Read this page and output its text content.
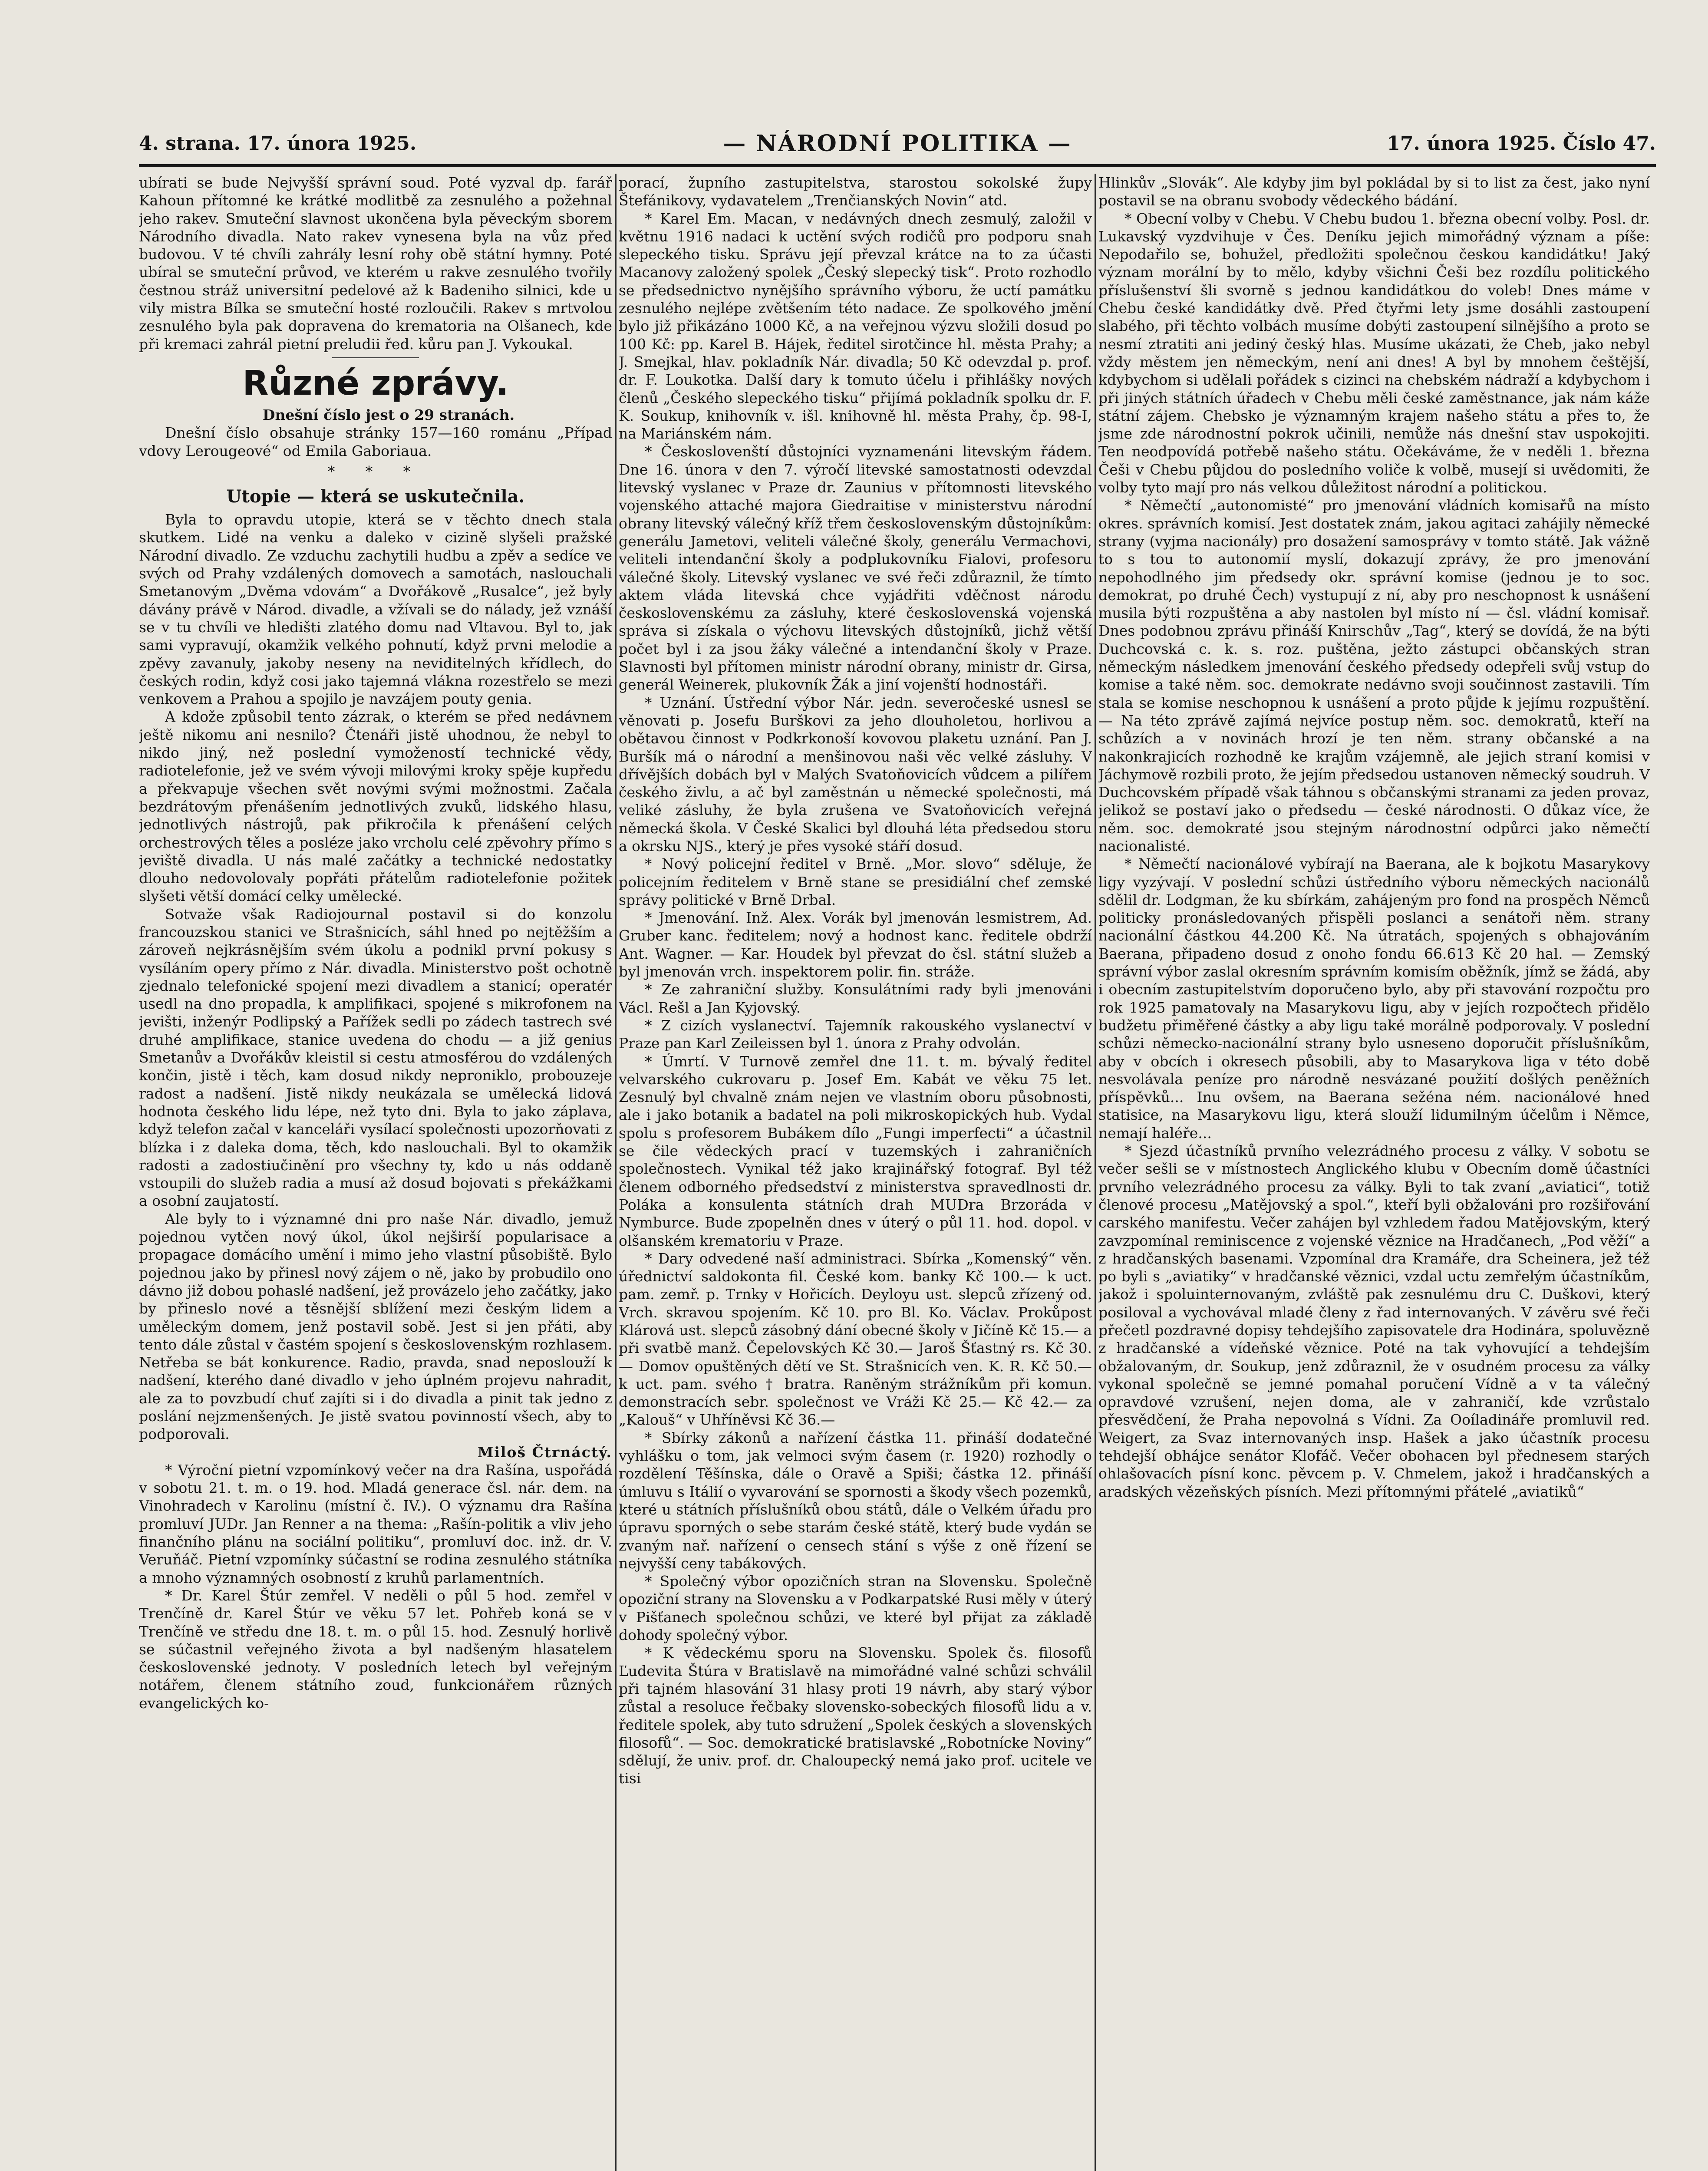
4. strana. 17. února 1925.	— NÁRODNÍ POLITIKA —	17. února 1925. Číslo 47.

ubírati se bude Nejvyšší správní soud. Poté vyzval dp. farář Kahoun přítomné ke krátké modlitbě za zesnulého a požehnal jeho rakev. Smuteční slavnost ukončena byla pěveckým sborem Národního divadla. Nato rakev vynesena byla na vůz před budovou. V té chvíli zahrály lesní rohy obě státní hymny. Poté ubíral se smuteční průvod, ve kterém u rakve zesnulého tvořily čestnou stráž universitní pedelové až k Badeniho silnici, kde u vily mistra Bílka se smuteční hosté rozloučili. Rakev s mrtvolou zesnulého byla pak dopravena do krematoria na Olšanech, kde při kremaci zahrál pietní preludii řed. kůru pan J. Vykoukal.

Různé zprávy.

Dnešní číslo jest o 29 stranách.

Dnešní číslo obsahuje stránky 157—160 románu „Případ vdovy Lerougeové“ od Emila Gaboriaua.

* * *
Utopie — která se uskutečnila.

Byla to opravdu utopie, která se v těchto dnech stala skutkem. Lidé na venku a daleko v cizině slyšeli pražské Národní divadlo. Ze vzduchu zachytili hudbu a zpěv a sedíce ve svých od Prahy vzdálených domovech a samotách, naslouchali Smetanovým „Dvěma vdovám“ a Dvořákově „Rusalce“, jež byly dávány právě v Národ. divadle, a vžívali se do nálady, jež vznáší se v tu chvíli ve hledišti zlatého domu nad Vltavou. Byl to, jak sami vypravují, okamžik velkého pohnutí, když prvni melodie a zpěvy zavanuly, jakoby neseny na neviditelných křídlech, do českých rodin, když cosi jako tajemná vlákna rozestřelo se mezi venkovem a Prahou a spojilo je navzájem pouty genia.

A kdože způsobil tento zázrak, o kterém se před nedávnem ještě nikomu ani nesnilo? Čtenáři jistě uhodnou, že nebyl to nikdo jiný, než poslední vymožeností technické vědy, radiotelefonie, jež ve svém vývoji milovými kroky spěje kupředu a překvapuje všechen svět novými svými možnostmi. Začala bezdrátovým přenášením jednotlivých zvuků, lidského hlasu, jednotlivých nástrojů, pak přikročila k přenášení celých orchestrových těles a posléze jako vrcholu celé zpěvohry přímo s jeviště divadla. U nás malé začátky a technické nedostatky dlouho nedovolovaly popřáti přátelům radiotelefonie požitek slyšeti větší domácí celky umělecké.

Sotvaže však Radiojournal postavil si do konzolu francouzskou stanici ve Strašnicích, sáhl hned po nejtěžším a zároveň nejkrásnějším svém úkolu a podnikl první pokusy s vysíláním opery přímo z Nár. divadla. Ministerstvo pošt ochotně zjednalo telefonické spojení mezi divadlem a stanicí; operatér usedl na dno propadla, k amplifikaci, spojené s mikrofonem na jevišti, inženýr Podlipský a Pařížek sedli po zádech tastrech své druhé amplifikace, stanice uvedena do chodu — a již genius Smetanův a Dvořákův kleistil si cestu atmosférou do vzdálených končin, jistě i těch, kam dosud nikdy neproniklo, probouzeje radost a nadšení. Jistě nikdy neukázala se umělecká lidová hodnota českého lidu lépe, než tyto dni. Byla to jako záplava, když telefon začal v kanceláři vysílací společnosti upozorňovati z blízka i z daleka doma, těch, kdo naslouchali. Byl to okamžik radosti a zadostiučinění pro všechny ty, kdo u nás oddaně vstoupili do služeb radia a musí až dosud bojovati s překážkami a osobní zaujatostí.

Ale byly to i významné dni pro naše Nár. divadlo, jemuž pojednou vytčen nový úkol, úkol nejširší popularisace a propagace domácího umění i mimo jeho vlastní působiště. Bylo pojednou jako by přinesl nový zájem o ně, jako by probudilo ono dávno již dobou pohaslé nadšení, jež provázelo jeho začátky, jako by přineslo nové a těsnější sblížení mezi českým lidem a uměleckým domem, jenž postavil sobě. Jest si jen přáti, aby tento dále zůstal v častém spojení s československým rozhlasem. Netřeba se bát konkurence. Radio, pravda, snad neposlouží k nadšení, kterého dané divadlo v jeho úplném projevu nahradit, ale za to povzbudí chuť zajíti si i do divadla a pinit tak jedno z poslání nejzmenšených. Je jistě svatou povinností všech, aby to podporovali.

Miloš Čtrnáctý.

* Výroční pietní vzpomínkový večer na dra Rašína, uspořádá v sobotu 21. t. m. o 19. hod. Mladá generace čsl. nár. dem. na Vinohradech v Karolinu (místní č. IV.). O významu dra Rašína promluví JUDr. Jan Renner a na thema: „Rašín-politik a vliv jeho finančního plánu na sociální politiku“, promluví doc. inž. dr. V. Veruňáč. Pietní vzpomínky súčastní se rodina zesnulého státníka a mnoho významných osobností z kruhů parlamentních.

* Dr. Karel Štúr zemřel. V neděli o půl 5 hod. zemřel v Trenčíně dr. Karel Štúr ve věku 57 let. Pohřeb koná se v Trenčíně ve středu dne 18. t. m. o půl 15. hod. Zesnulý horlivě se súčastnil veřejného života a byl nadšeným hlasatelem československé jednoty. V posledních letech byl veřejným notářem, členem státního zoud, funkcionářem různých evangelických ko-

porací, župního zastupitelstva, starostou sokolské župy Štefánikovy, vydavatelem „Trenčianských Novin“ atd.

* Karel Em. Macan, v nedávných dnech zesmulý, založil v květnu 1916 nadaci k uctění svých rodičů pro podporu snah slepeckého tisku. Správu její převzal krátce na to za účasti Macanovy založený spolek „Český slepecký tisk“. Proto rozhodlo se předsednictvo nynějšího správního výboru, že uctí památku zesnulého nejlépe zvětšením této nadace. Ze spolkového jmění bylo již přikázáno 1000 Kč, a na veřejnou výzvu složili dosud po 100 Kč: pp. Karel B. Hájek, ředitel sirotčince hl. města Prahy; a J. Smejkal, hlav. pokladník Nár. divadla; 50 Kč odevzdal p. prof. dr. F. Loukotka. Další dary k tomuto účelu i přihlášky nových členů „Českého slepeckého tisku“ přijímá pokladník spolku dr. F. K. Soukup, knihovník v. išl. knihovně hl. města Prahy, čp. 98-I, na Mariánském nám.

* Českoslovenští důstojníci vyznamenáni litevským řádem. Dne 16. února v den 7. výročí litevské samostatnosti odevzdal litevský vyslanec v Praze dr. Zaunius v přítomnosti litevského vojenského attaché majora Giedraitise v ministerstvu národní obrany litevský válečný kříž třem československým důstojníkům: generálu Jametovi, veliteli válečné školy, generálu Vermachovi, veliteli intendanční školy a podplukovníku Fialovi, profesoru válečné školy. Litevský vyslanec ve své řeči zdůraznil, že tímto aktem vláda litevská chce vyjádřiti vděčnost národu československému za zásluhy, které československá vojenská správa si získala o výchovu litevských důstojníků, jichž větší počet byl i za jsou žáky válečné a intendanční školy v Praze. Slavnosti byl přítomen ministr národní obrany, ministr dr. Girsa, generál Weinerek, plukovník Žák a jiní vojenští hodnostáři.

* Uznání. Ústřední výbor Nár. jedn. severočeské usnesl se věnovati p. Josefu Burškovi za jeho dlouholetou, horlivou a obětavou činnost v Podkrkonoší kovovou plaketu uznání. Pan J. Buršík má o národní a menšinovou naši věc velké zásluhy. V dřívějších dobách byl v Malých Svatoňovicích vůdcem a pilířem českého živlu, a ač byl zaměstnán u německé společnosti, má veliké zásluhy, že byla zrušena ve Svatoňovicích veřejná německá škola. V České Skalici byl dlouhá léta předsedou storu a okrsku NJS., který je přes vysoké stáří dosud.

* Nový policejní ředitel v Brně. „Mor. slovo“ sděluje, že policejním ředitelem v Brně stane se presidiální chef zemské správy politické v Brně Drbal.

* Jmenování. Inž. Alex. Vorák byl jmenován lesmistrem, Ad. Gruber kanc. ředitelem; nový a hodnost kanc. ředitele obdrží Ant. Wagner. — Kar. Houdek byl převzat do čsl. státní služeb a byl jmenován vrch. inspektorem polir. fin. stráže.

* Ze zahraniční služby. Konsulátními rady byli jmenováni Václ. Rešl a Jan Kyjovský.

* Z cizích vyslanectví. Tajemník rakouského vyslanectví v Praze pan Karl Zeileissen byl 1. února z Prahy odvolán.

* Úmrtí. V Turnově zemřel dne 11. t. m. bývalý ředitel velvarského cukrovaru p. Josef Em. Kabát ve věku 75 let. Zesnulý byl chvalně znám nejen ve vlastním oboru působnosti, ale i jako botanik a badatel na poli mikroskopických hub. Vydal spolu s profesorem Bubákem dílo „Fungi imperfecti“ a účastnil se čile vědeckých prací v tuzemských i zahraničních společnostech. Vynikal též jako krajinářský fotograf. Byl též členem odborného předsedství z ministerstva spravedlnosti dr. Poláka a konsulenta státních drah MUDra Brzoráda v Nymburce. Bude zpopelněn dnes v úterý o půl 11. hod. dopol. v olšanském krematoriu v Praze.

* Dary odvedené naší administraci. Sbírka „Komenský“ věn. úřednictví saldokonta fil. České kom. banky Kč 100.— k uct. pam. zemř. p. Trnky v Hořicích. Deyloyu ust. slepců zřízený od. Vrch. skravou spojením. Kč 10. pro Bl. Ko. Václav. Prokůpost Klárová ust. slepců zásobný dání obecné školy v Jičíně Kč 15.— a při svatbě manž. Čepelovských Kč 30.— Jaroš Šťastný rs. Kč 30.— Domov opuštěných dětí ve St. Strašnicích ven. K. R. Kč 50.— k uct. pam. svého † bratra. Raněným strážníkům při komun. demonstracích sebr. společnost ve Vráži Kč 25.— Kč 42.— za „Kalouš“ v Uhříněvsi Kč 36.—

* Sbírky zákonů a nařízení částka 11. přináší dodatečné vyhlášku o tom, jak velmoci svým časem (r. 1920) rozhodly o rozdělení Těšínska, dále o Oravě a Spiši; částka 12. přináší úmluvu s Itálií o vyvarování se spornosti a škody všech pozemků, které u státních příslušníků obou států, dále o Velkém úřadu pro úpravu sporných o sebe starám české státě, který bude vydán se zvaným nař. nařízení o censech stání s výše z oně řízení se nejvyšší ceny tabákových.

* Společný výbor opozičních stran na Slovensku. Společně opoziční strany na Slovensku a v Podkarpatské Rusi měly v úterý v Pišťanech společnou schůzi, ve které byl přijat za základě dohody společný výbor.

* K vědeckému sporu na Slovensku. Spolek čs. filosofů Ľudevita Štúra v Bratislavě na mimořádné valné schůzi schválil při tajném hlasování 31 hlasy proti 19 návrh, aby starý výbor zůstal a resoluce řečbaky slovensko-sobeckých filosofů lidu a v. ředitele spolek, aby tuto sdružení „Spolek českých a slovenských filosofů“. — Soc. demokratické bratislavské „Robotnícke Noviny“ sdělují, že univ. prof. dr. Chaloupecký nemá jako prof. ucitele ve tisi

Hlinkův „Slovák“. Ale kdyby jim byl pokládal by si to list za čest, jako nyní postavil se na obranu svobody vědeckého bádání.

* Obecní volby v Chebu. V Chebu budou 1. března obecní volby. Posl. dr. Lukavský vyzdvihuje v Čes. Deníku jejich mimořádný význam a píše: Nepodařilo se, bohužel, předložiti společnou českou kandidátku! Jaký význam morální by to mělo, kdyby všichni Češi bez rozdílu politického příslušenství šli svorně s jednou kandidátkou do voleb! Dnes máme v Chebu české kandidátky dvě. Před čtyřmi lety jsme dosáhli zastoupení slabého, při těchto volbách musíme dobýti zastoupení silnějšího a proto se nesmí ztratiti ani jediný český hlas. Musíme ukázati, že Cheb, jako nebyl vždy městem jen německým, není ani dnes! A byl by mnohem češtější, kdybychom si udělali pořádek s cizinci na chebském nádraží a kdybychom i při jiných státních úřadech v Chebu měli české zaměstnance, jak nám káže státní zájem. Chebsko je významným krajem našeho státu a přes to, že jsme zde národnostní pokrok učinili, nemůže nás dnešní stav uspokojiti. Ten neodpovídá potřebě našeho státu. Očekáváme, že v neděli 1. března Češi v Chebu půjdou do posledního voliče k volbě, musejí si uvědomiti, že volby tyto mají pro nás velkou důležitost národní a politickou.

* Němečtí „autonomisté“ pro jmenování vládních komisařů na místo okres. správních komisí. Jest dostatek znám, jakou agitaci zahájily německé strany (vyjma nacionály) pro dosažení samosprávy v tomto státě. Jak vážně to s tou to autonomií myslí, dokazují zprávy, že pro jmenování nepohodlného jim předsedy okr. správní komise (jednou je to soc. demokrat, po druhé Čech) vystupují z ní, aby pro neschopnost k usnášení musila býti rozpuštěna a aby nastolen byl místo ní — čsl. vládní komisař. Dnes podobnou zprávu přináší Knirschův „Tag“, který se dovídá, že na býti Duchcovská c. k. s. roz. puštěna, ježto zástupci občanských stran německým následkem jmenování českého předsedy odepřeli svůj vstup do komise a také něm. soc. demokrate nedávno svoji součinnost zastavili. Tím stala se komise neschopnou k usnášení a proto půjde k jejímu rozpuštění. — Na této zprávě zajímá nejvíce postup něm. soc. demokratů, kteří na schůzích a v novinách hrozí je ten něm. strany občanské a na nakonkrajicích rozhodně ke krajům vzájemně, ale jejich straní komisi v Jáchymově rozbili proto, že jejím předsedou ustanoven německý soudruh. V Duchcovském případě však táhnou s občanskými stranami za jeden provaz, jelikož se postaví jako o předsedu — české národnosti. O důkaz více, že něm. soc. demokraté jsou stejným národnostní odpůrci jako němečtí nacionalisté.

* Němečtí nacionálové vybírají na Baerana, ale k bojkotu Masarykovy ligy vyzývají. V poslední schůzi ústředního výboru německých nacionálů sdělil dr. Lodgman, že ku sbírkám, zahájeným pro fond na prospěch Němců politicky pronásledovaných přispěli poslanci a senátoři něm. strany nacionální částkou 44.200 Kč. Na útratách, spojených s obhajováním Baerana, připadeno dosud z onoho fondu 66.613 Kč 20 hal. — Zemský správní výbor zaslal okresním správním komisím oběžník, jímž se žádá, aby i obecním zastupitelstvím doporučeno bylo, aby při stavování rozpočtu pro rok 1925 pamatovaly na Masarykovu ligu, aby v jejích rozpočtech přidělo budžetu přiměřené částky a aby ligu také morálně podporovaly. V poslední schůzi německo-nacionální strany bylo usneseno doporučit příslušníkům, aby v obcích i okresech působili, aby to Masarykova liga v této době nesvolávala peníze pro národně nesvázané použití došlých peněžních příspěvků... Inu ovšem, na Baerana sežéna ném. nacionálové hned statisice, na Masarykovu ligu, která slouží lidumilným účelům i Němce, nemají haléře...

* Sjezd účastníků prvního velezrádného procesu z války. V sobotu se večer sešli se v místnostech Anglického klubu v Obecním domě účastníci prvního velezrádného procesu za války. Byli to tak zvaní „aviatici“, totiž členové procesu „Matějovský a spol.“, kteří byli obžalováni pro rozšiřování carského manifestu. Večer zahájen byl vzhledem řadou Matějovským, který zavzpomínal reminiscence z vojenské věznice na Hradčanech, „Pod věží“ a z hradčanských basenami. Vzpomínal dra Kramáře, dra Scheinera, jež též po byli s „aviatiky“ v hradčanské věznici, vzdal uctu zemřelým účastníkům, jakož i spoluinternovaným, zvláště pak zesnulému dru C. Duškovi, který posiloval a vychovával mladé členy z řad internovaných. V závěru své řeči přečetl pozdravné dopisy tehdejšího zapisovatele dra Hodinára, spoluvězně z hradčanské a vídeňské věznice. Poté na tak vyhovující a tehdejším obžalovaným, dr. Soukup, jenž zdůraznil, že v osudném procesu za války vykonal společně se jemné pomahal poručení Vídně a v ta válečný opravdové vzrušení, nejen doma, ale v zahraničí, kde vzrůstalo přesvědčení, že Praha nepovolná s Vídni. Za Ooíladináře promluvil red. Weigert, za Svaz internovaných insp. Hašek a jako účastník procesu tehdejší obhájce senátor Klofáč. Večer obohacen byl přednesem starých ohlašovacích písní konc. pěvcem p. V. Chmelem, jakož i hradčanských a aradských vězeňských písních. Mezi přítomnými přátelé „aviatiků“
